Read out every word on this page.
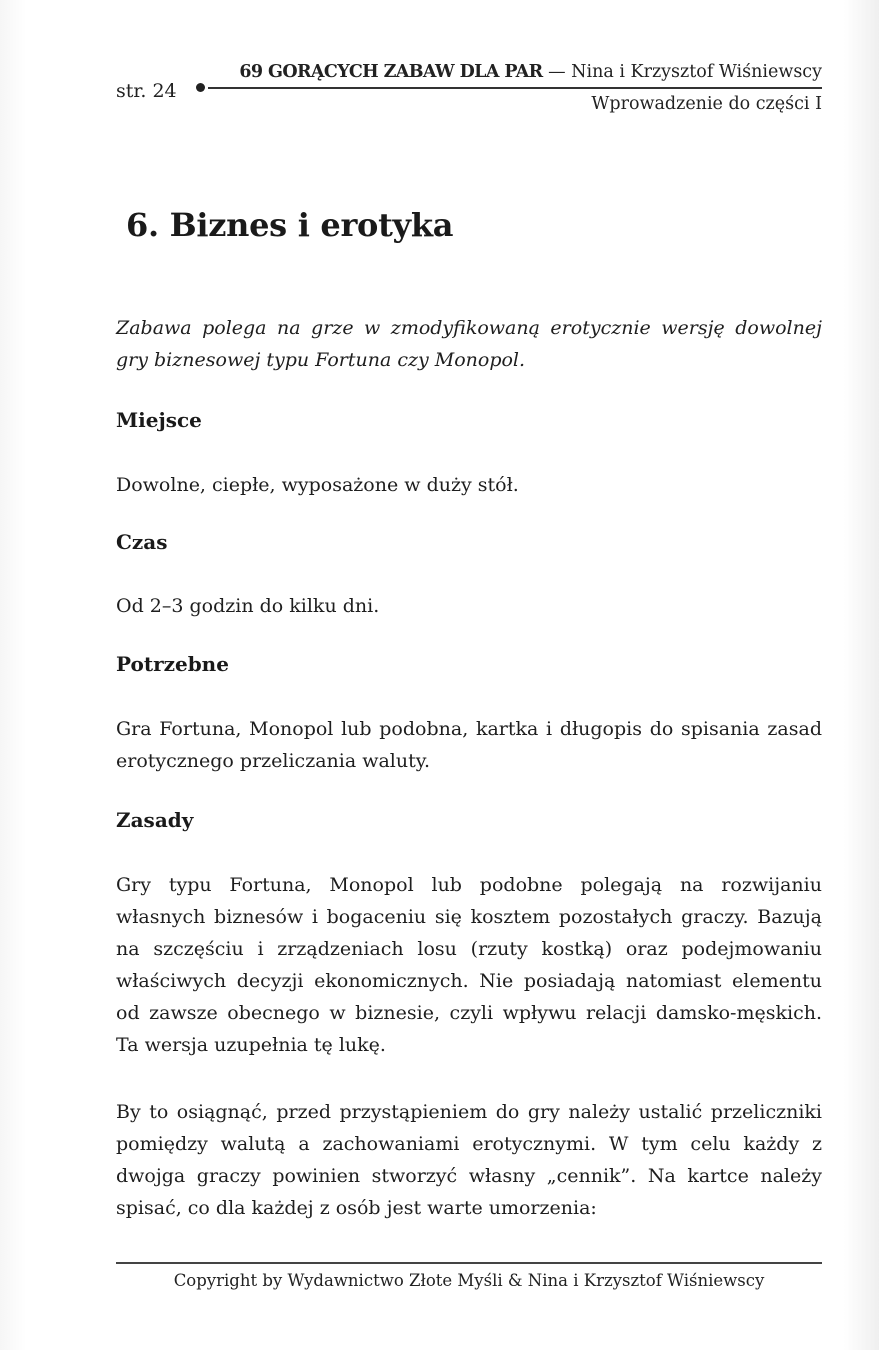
str. 24
69 GORĄCYCH ZABAW DLA PAR — Nina i Krzysztof Wiśniewscy
Wprowadzenie do części I
6. Biznes i erotyka

Zabawa polega na grze w zmodyfikowaną erotycznie wersję dowolnej gry biznesowej typu Fortuna czy Monopol.

Miejsce

Dowolne, ciepłe, wyposażone w duży stół.

Czas

Od 2–3 godzin do kilku dni.

Potrzebne

Gra Fortuna, Monopol lub podobna, kartka i długopis do spisania zasad erotycznego przeliczania waluty.

Zasady

Gry typu Fortuna, Monopol lub podobne polegają na rozwijaniu własnych biznesów i bogaceniu się kosztem pozostałych graczy. Bazują na szczęściu i zrządzeniach losu (rzuty kostką) oraz podejmowaniu właściwych decyzji ekonomicznych. Nie posiadają natomiast elementu od zawsze obecnego w biznesie, czyli wpływu relacji damsko-męskich. Ta wersja uzupełnia tę lukę.

By to osiągnąć, przed przystąpieniem do gry należy ustalić przeliczniki pomiędzy walutą a zachowaniami erotycznymi. W tym celu każdy z dwojga graczy powinien stworzyć własny „cennik”. Na kartce należy spisać, co dla każdej z osób jest warte umorzenia:

Copyright by Wydawnictwo Złote Myśli & Nina i Krzysztof Wiśniewscy
